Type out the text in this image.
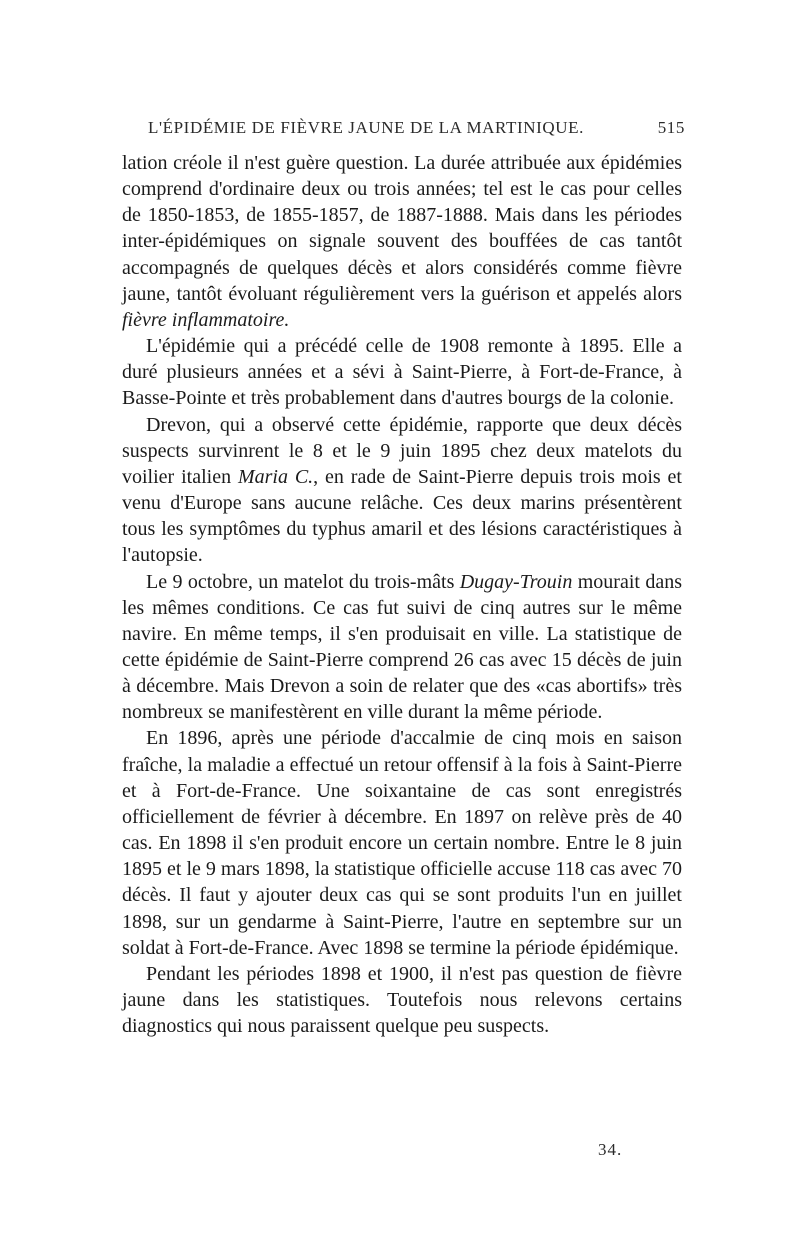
L'ÉPIDÉMIE DE FIÈVRE JAUNE DE LA MARTINIQUE.	515

lation créole il n'est guère question. La durée attribuée aux épidémies comprend d'ordinaire deux ou trois années; tel est le cas pour celles de 1850-1853, de 1855-1857, de 1887-1888. Mais dans les périodes inter-épidémiques on signale souvent des bouffées de cas tantôt accompagnés de quelques décès et alors considérés comme fièvre jaune, tantôt évoluant régulièrement vers la guérison et appelés alors fièvre inflammatoire.

L'épidémie qui a précédé celle de 1908 remonte à 1895. Elle a duré plusieurs années et a sévi à Saint-Pierre, à Fort-de-France, à Basse-Pointe et très probablement dans d'autres bourgs de la colonie.

Drevon, qui a observé cette épidémie, rapporte que deux décès suspects survinrent le 8 et le 9 juin 1895 chez deux matelots du voilier italien Maria C., en rade de Saint-Pierre depuis trois mois et venu d'Europe sans aucune relâche. Ces deux marins présentèrent tous les symptômes du typhus amaril et des lésions caractéristiques à l'autopsie.

Le 9 octobre, un matelot du trois-mâts Dugay-Trouin mourait dans les mêmes conditions. Ce cas fut suivi de cinq autres sur le même navire. En même temps, il s'en produisait en ville. La statistique de cette épidémie de Saint-Pierre comprend 26 cas avec 15 décès de juin à décembre. Mais Drevon a soin de relater que des «cas abortifs» très nombreux se manifestèrent en ville durant la même période.

En 1896, après une période d'accalmie de cinq mois en saison fraîche, la maladie a effectué un retour offensif à la fois à Saint-Pierre et à Fort-de-France. Une soixantaine de cas sont enregistrés officiellement de février à décembre. En 1897 on relève près de 40 cas. En 1898 il s'en produit encore un certain nombre. Entre le 8 juin 1895 et le 9 mars 1898, la statistique officielle accuse 118 cas avec 70 décès. Il faut y ajouter deux cas qui se sont produits l'un en juillet 1898, sur un gendarme à Saint-Pierre, l'autre en septembre sur un soldat à Fort-de-France. Avec 1898 se termine la période épidémique.

Pendant les périodes 1898 et 1900, il n'est pas question de fièvre jaune dans les statistiques. Toutefois nous relevons certains diagnostics qui nous paraissent quelque peu suspects.

34.
